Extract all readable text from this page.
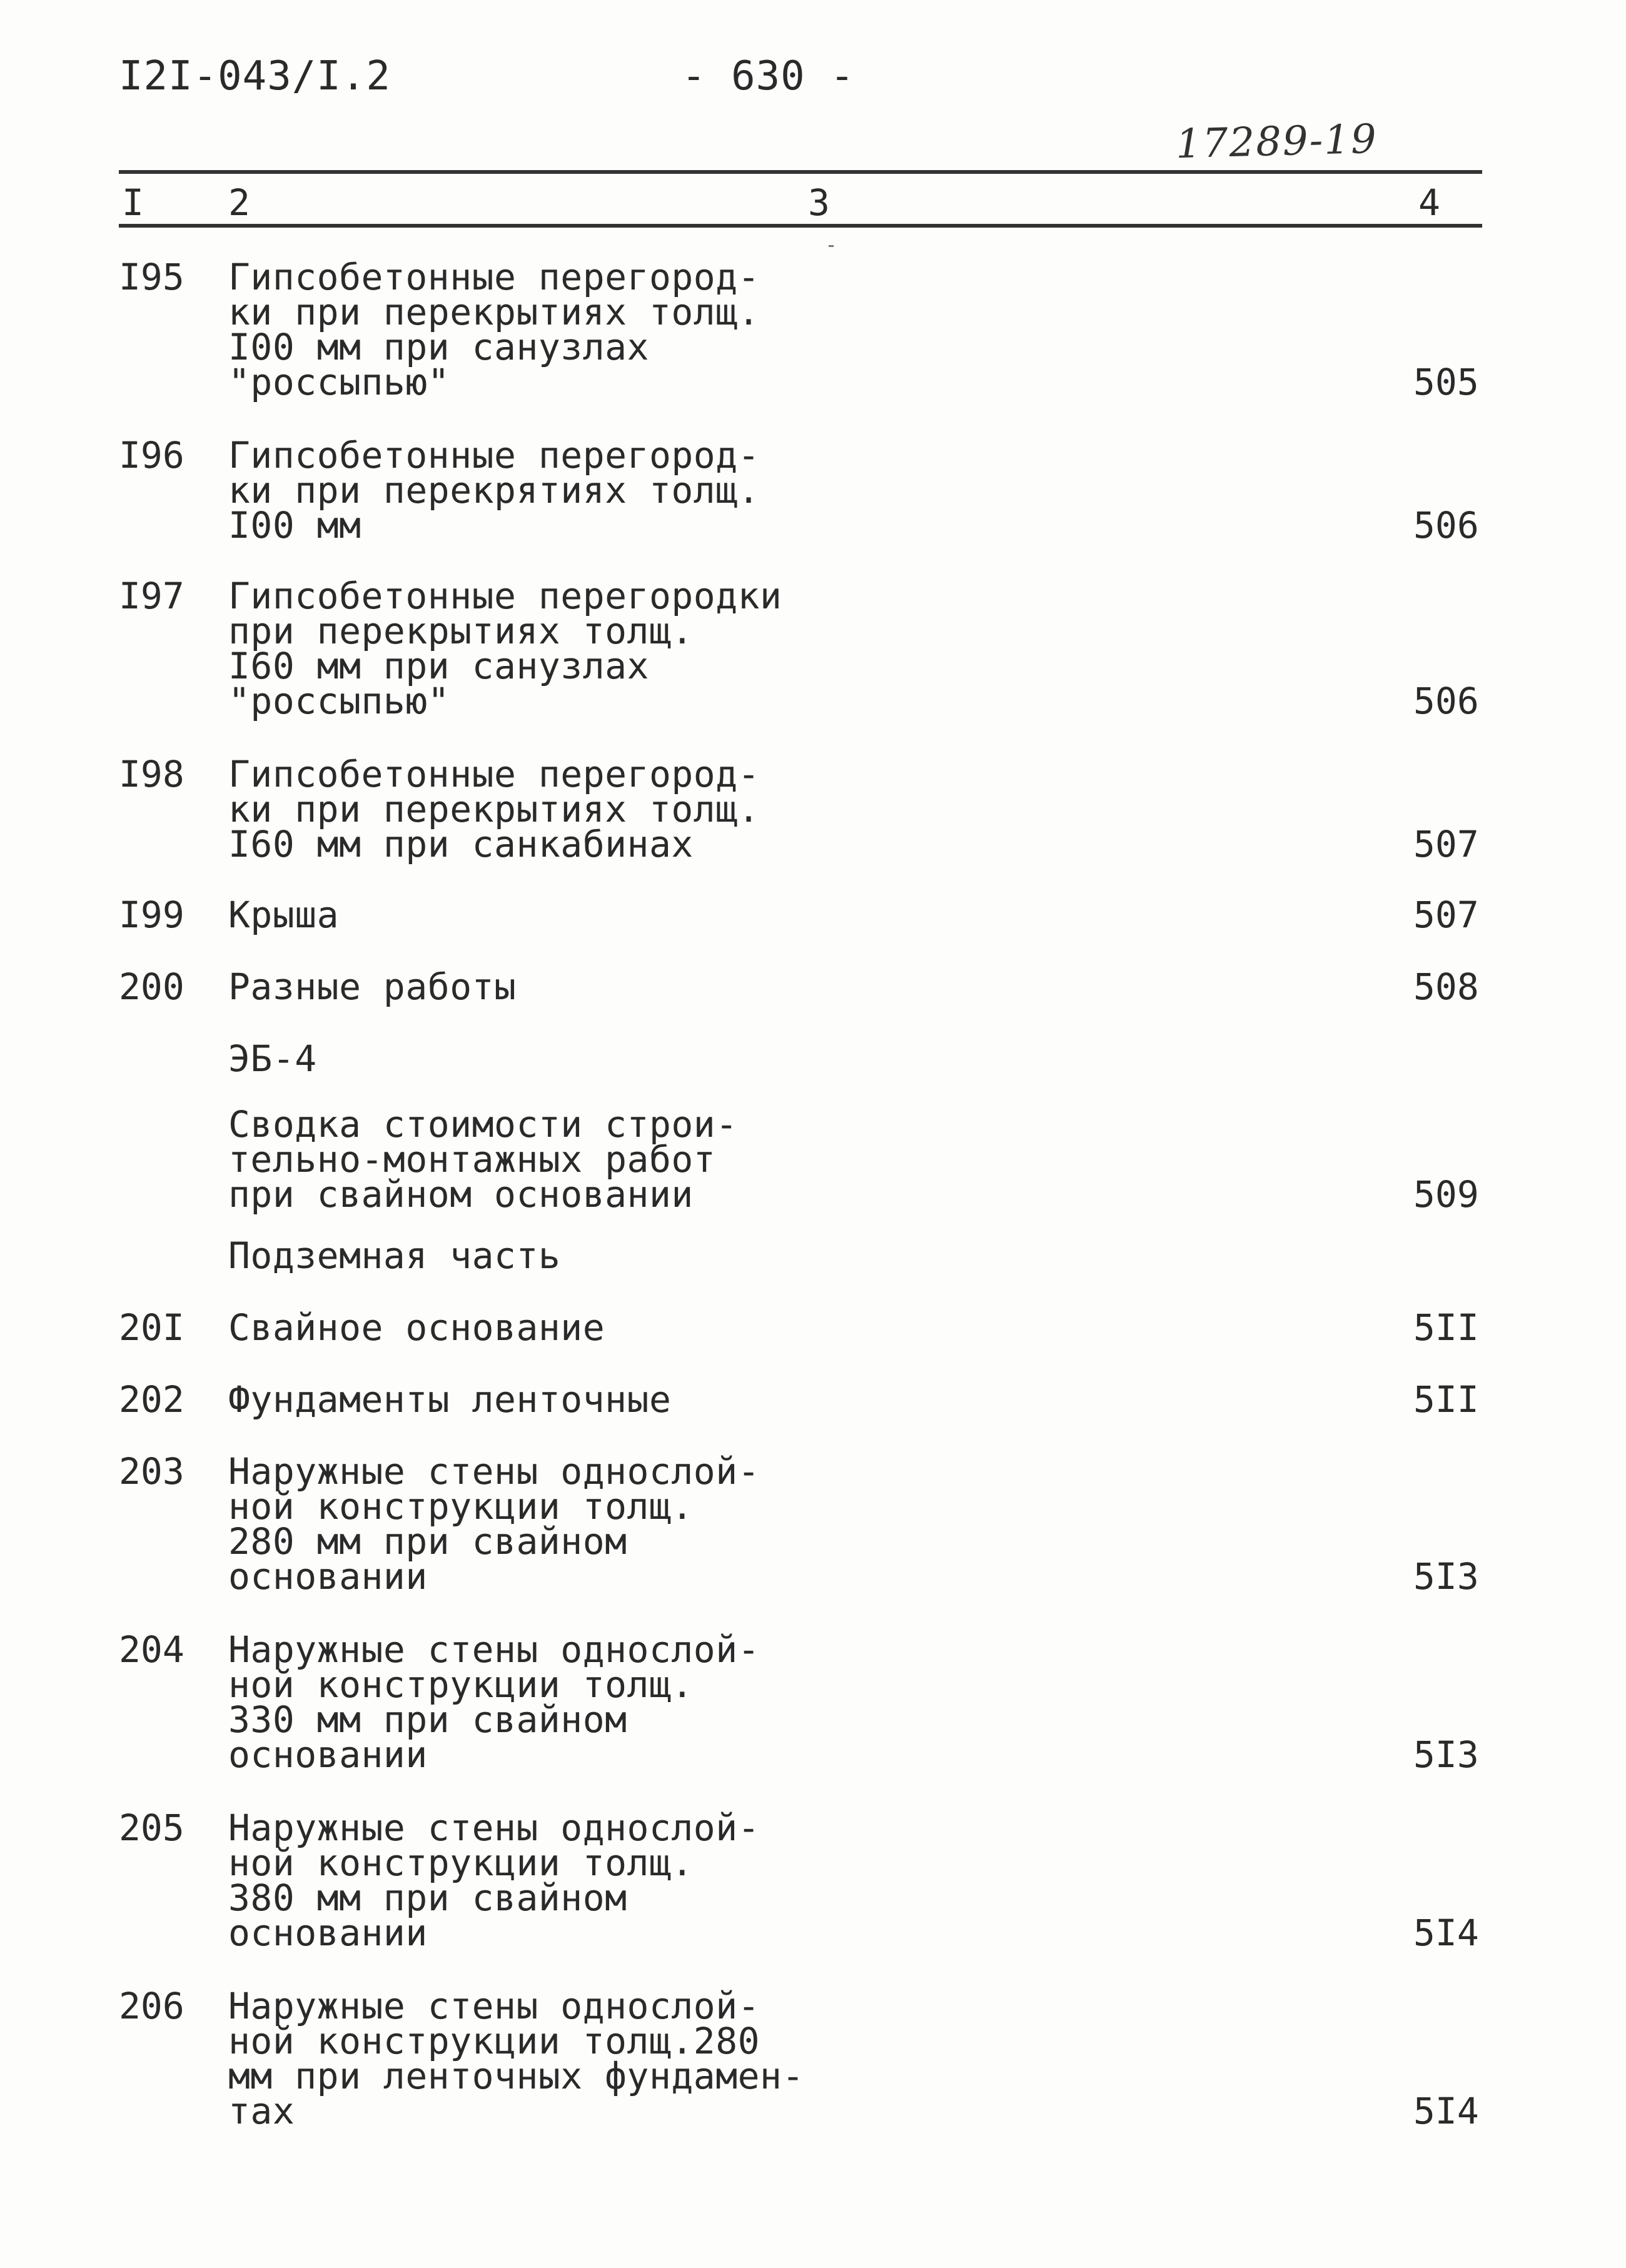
I2I-043/I.2	- 630 -
17289-19
I 2	3	4
I95 Гипсобетонные перегород-
ки при перекрытиях толщ.
I00 мм при санузлах
"россыпью"	505
I96 Гипсобетонные перегород-
ки при перекрятиях толщ.
I00 мм	506
I97 Гипсобетонные перегородки
при перекрытиях толщ.
I60 мм при санузлах
"россыпью"	506
I98 Гипсобетонные перегород-
ки при перекрытиях толщ.
I60 мм при санкабинах	507
I99 Крыша	507
200 Разные работы	508
ЭБ-4
Сводка стоимости строи-
тельно-монтажных работ
при свайном основании	509
Подземная часть
20I Свайное основание	5II
202 Фундаменты ленточные	5II
203 Наружные стены однослой-
ной конструкции толщ.
280 мм при свайном
основании	5I3
204 Наружные стены однослой-
ной конструкции толщ.
330 мм при свайном
основании	5I3
205 Наружные стены однослой-
ной конструкции толщ.
380 мм при свайном
основании	5I4
206 Наружные стены однослой-
ной конструкции толщ.280
мм при ленточных фундамен-
тах	5I4
